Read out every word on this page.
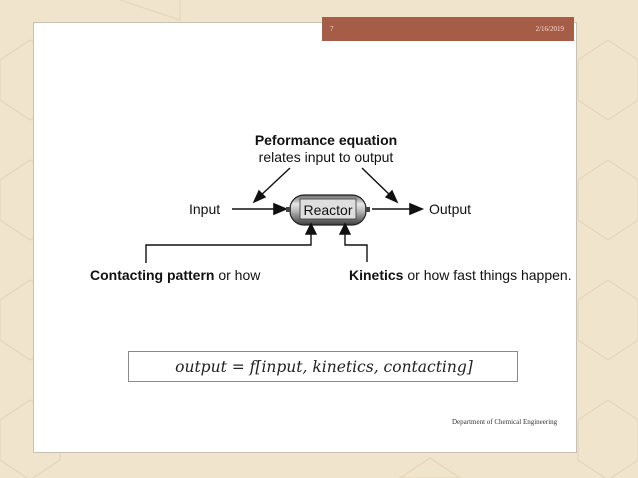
7	2/16/2019
Peformance equation
relates input to output
Input	Reactor	Output
Contacting pattern or how	Kinetics or how fast things happen.
output = f[input, kinetics, contacting]
Department of Chemical Engineering
